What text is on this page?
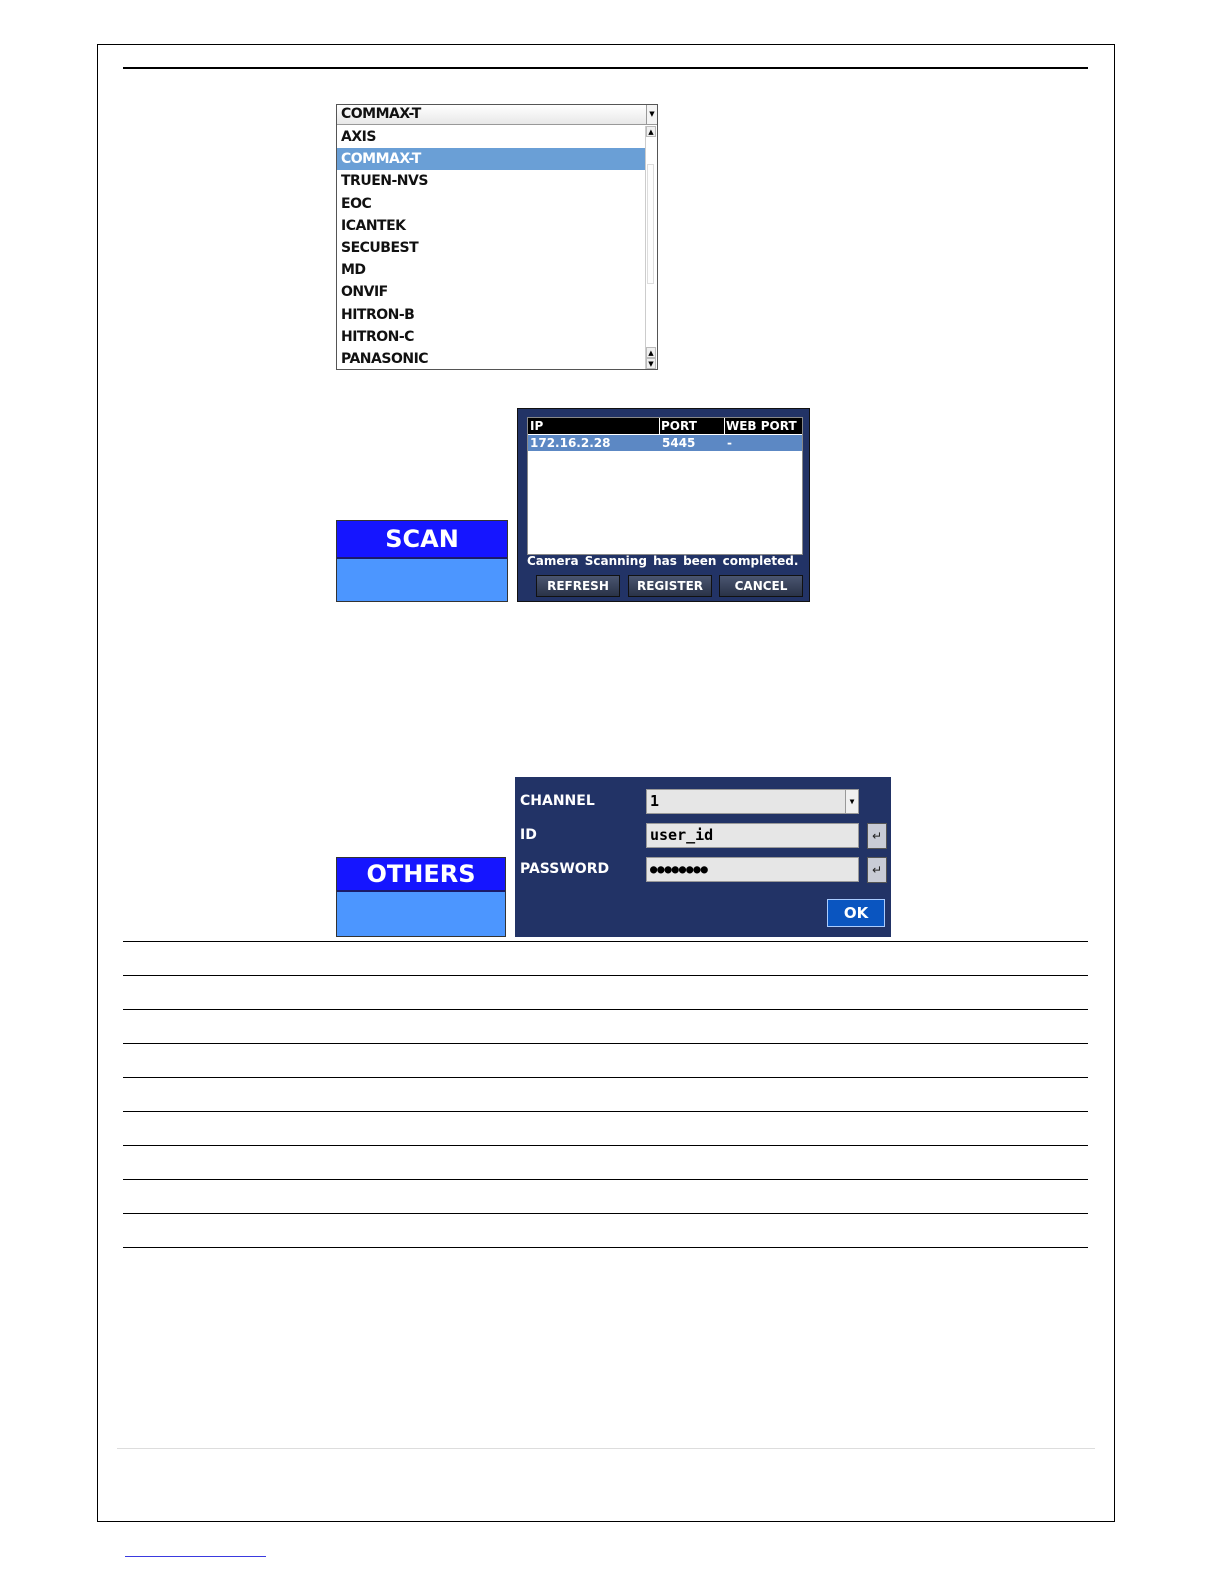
COMMAX-T	▼
AXIS
COMMAX-T
TRUEN-NVS
EOC
ICANTEK
SECUBEST
MD
ONVIF
HITRON-B
HITRON-C
PANASONIC
▲
▲
▼
SCAN
IP	PORT	WEB PORT
172.16.2.28	5445	-
Camera Scanning has been completed.
REFRESH	REGISTER	CANCEL
OTHERS
CHANNEL	1	▼
ID	user_id	↵
PASSWORD	●●●●●●●●	↵
OK
